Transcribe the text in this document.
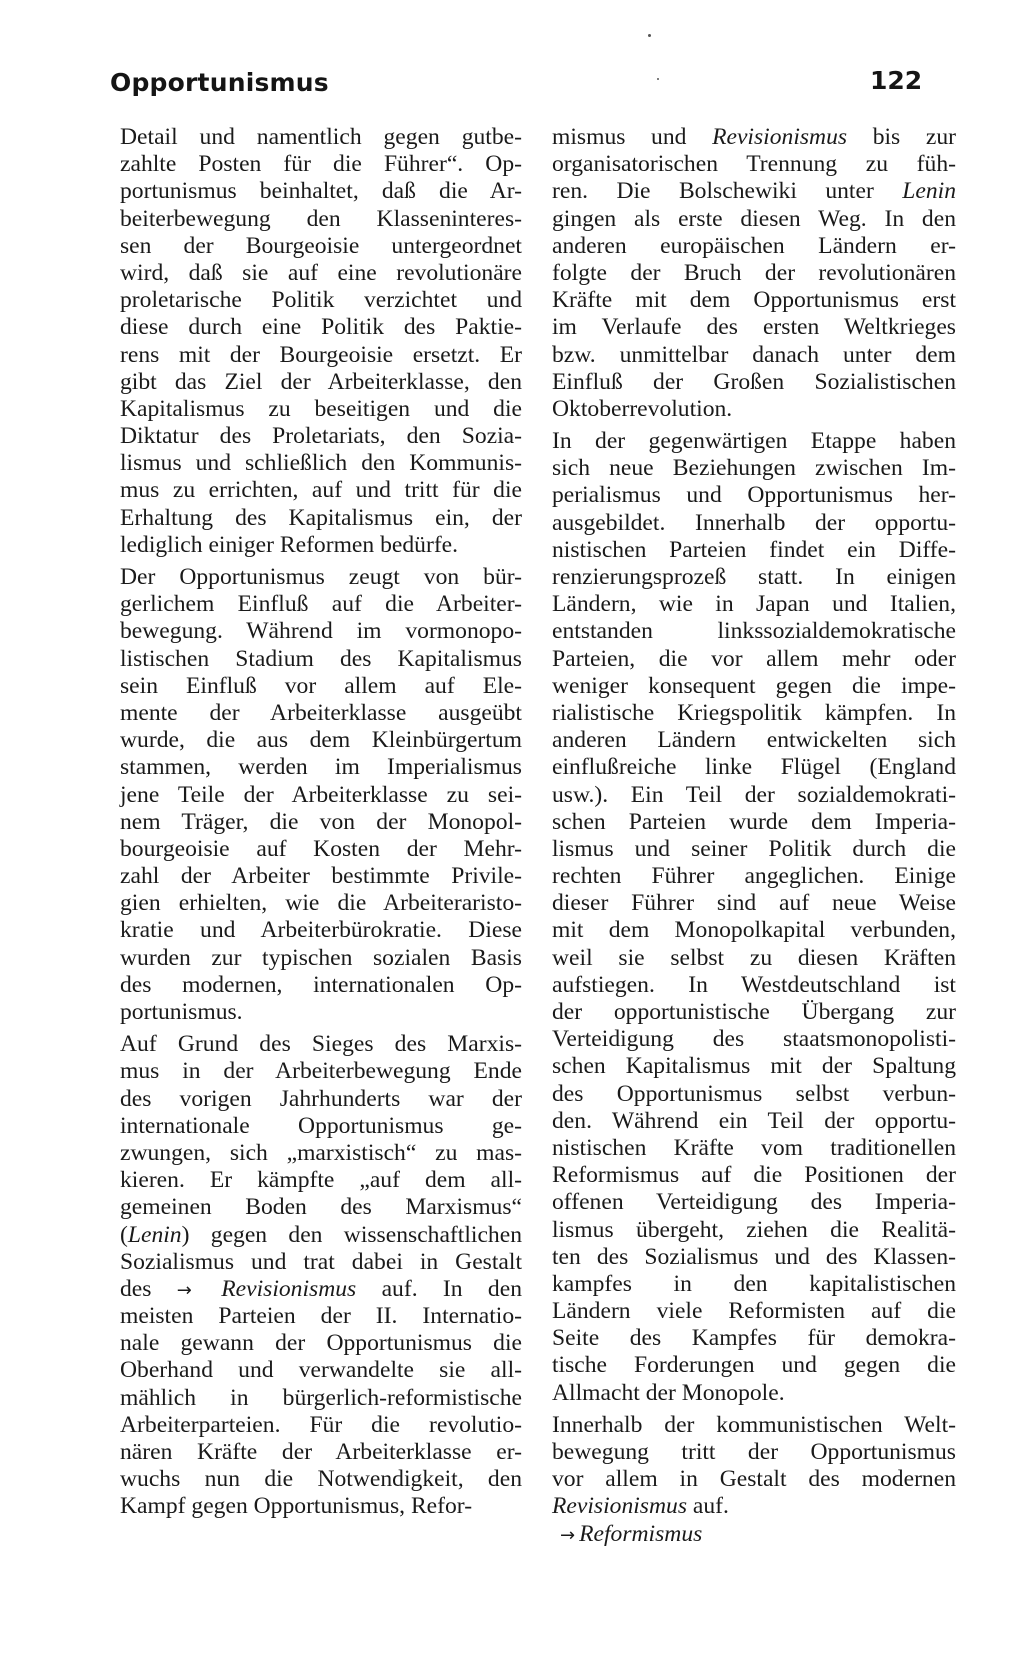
Opportunismus	122
Detail und namentlich gegen gutbe-
zahlte Posten für die Führer“. Op-
portunismus beinhaltet, daß die Ar-
beiterbewegung den Klasseninteres-
sen der Bourgeoisie untergeordnet
wird, daß sie auf eine revolutionäre
proletarische Politik verzichtet und
diese durch eine Politik des Paktie-
rens mit der Bourgeoisie ersetzt. Er
gibt das Ziel der Arbeiterklasse, den
Kapitalismus zu beseitigen und die
Diktatur des Proletariats, den Sozia-
lismus und schließlich den Kommunis-
mus zu errichten, auf und tritt für die
Erhaltung des Kapitalismus ein, der
lediglich einiger Reformen bedürfe.
Der Opportunismus zeugt von bür-
gerlichem Einfluß auf die Arbeiter-
bewegung. Während im vormonopo-
listischen Stadium des Kapitalismus
sein Einfluß vor allem auf Ele-
mente der Arbeiterklasse ausgeübt
wurde, die aus dem Kleinbürgertum
stammen, werden im Imperialismus
jene Teile der Arbeiterklasse zu sei-
nem Träger, die von der Monopol-
bourgeoisie auf Kosten der Mehr-
zahl der Arbeiter bestimmte Privile-
gien erhielten, wie die Arbeiteraristo-
kratie und Arbeiterbürokratie. Diese
wurden zur typischen sozialen Basis
des modernen, internationalen Op-
portunismus.
Auf Grund des Sieges des Marxis-
mus in der Arbeiterbewegung Ende
des vorigen Jahrhunderts war der
internationale Opportunismus ge-
zwungen, sich „marxistisch“ zu mas-
kieren. Er kämpfte „auf dem all-
gemeinen Boden des Marxismus“
(Lenin) gegen den wissenschaftlichen
Sozialismus und trat dabei in Gestalt
des → Revisionismus auf. In den
meisten Parteien der II. Internatio-
nale gewann der Opportunismus die
Oberhand und verwandelte sie all-
mählich in bürgerlich-reformistische
Arbeiterparteien. Für die revolutio-
nären Kräfte der Arbeiterklasse er-
wuchs nun die Notwendigkeit, den
Kampf gegen Opportunismus, Refor-
mismus und Revisionismus bis zur
organisatorischen Trennung zu füh-
ren. Die Bolschewiki unter Lenin
gingen als erste diesen Weg. In den
anderen europäischen Ländern er-
folgte der Bruch der revolutionären
Kräfte mit dem Opportunismus erst
im Verlaufe des ersten Weltkrieges
bzw. unmittelbar danach unter dem
Einfluß der Großen Sozialistischen
Oktoberrevolution.
In der gegenwärtigen Etappe haben
sich neue Beziehungen zwischen Im-
perialismus und Opportunismus her-
ausgebildet. Innerhalb der opportu-
nistischen Parteien findet ein Diffe-
renzierungsprozeß statt. In einigen
Ländern, wie in Japan und Italien,
entstanden linkssozialdemokratische
Parteien, die vor allem mehr oder
weniger konsequent gegen die impe-
rialistische Kriegspolitik kämpfen. In
anderen Ländern entwickelten sich
einflußreiche linke Flügel (England
usw.). Ein Teil der sozialdemokrati-
schen Parteien wurde dem Imperia-
lismus und seiner Politik durch die
rechten Führer angeglichen. Einige
dieser Führer sind auf neue Weise
mit dem Monopolkapital verbunden,
weil sie selbst zu diesen Kräften
aufstiegen. In Westdeutschland ist
der opportunistische Übergang zur
Verteidigung des staatsmonopolisti-
schen Kapitalismus mit der Spaltung
des Opportunismus selbst verbun-
den. Während ein Teil der opportu-
nistischen Kräfte vom traditionellen
Reformismus auf die Positionen der
offenen Verteidigung des Imperia-
lismus übergeht, ziehen die Realitä-
ten des Sozialismus und des Klassen-
kampfes in den kapitalistischen
Ländern viele Reformisten auf die
Seite des Kampfes für demokra-
tische Forderungen und gegen die
Allmacht der Monopole.
Innerhalb der kommunistischen Welt-
bewegung tritt der Opportunismus
vor allem in Gestalt des modernen
Revisionismus auf.
→ Reformismus
